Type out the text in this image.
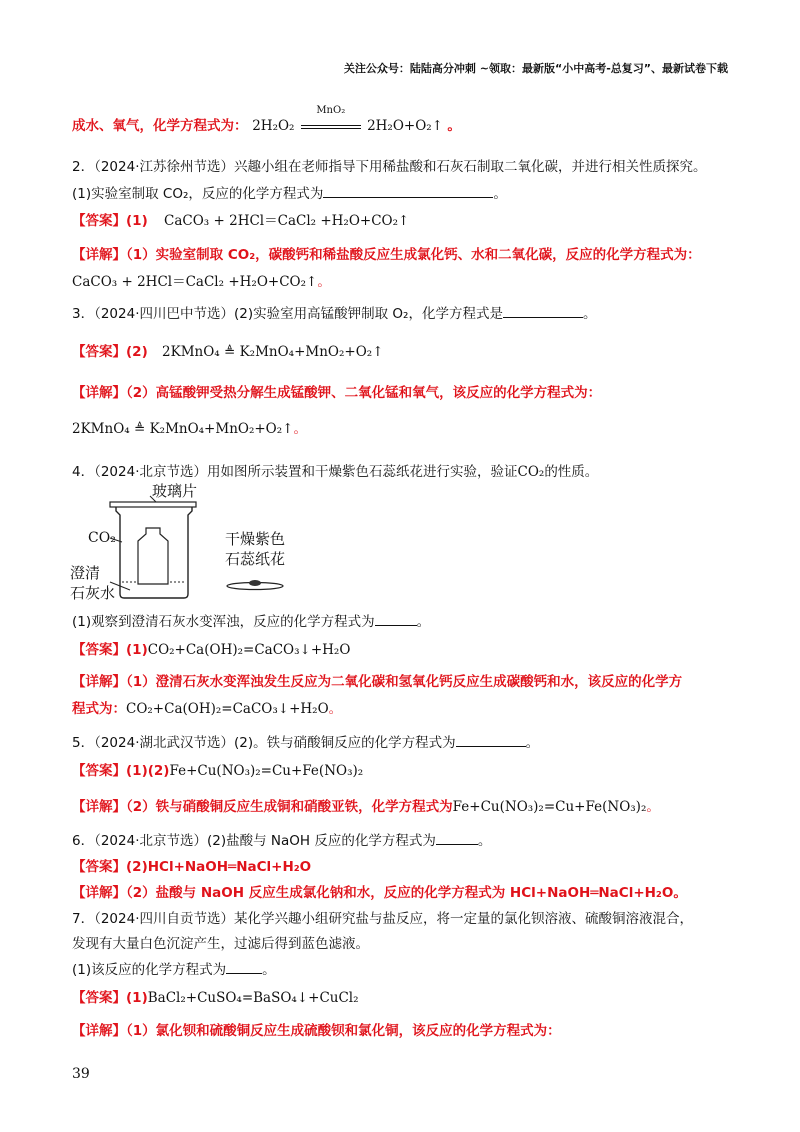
关注公众号：陆陆高分冲刺 ~领取：最新版“小中高考-总复习”、最新试卷下载
成水、氧气，化学方程式为： 2H₂O₂
MnO₂
2H₂O+O₂↑ 。
2．（2024·江苏徐州节选）兴趣小组在老师指导下用稀盐酸和石灰石制取二氧化碳，并进行相关性质探究。
(1)实验室制取 CO₂，反应的化学方程式为	。
【答案】(1) CaCO₃ + 2HCl＝CaCl₂ +H₂O+CO₂↑
【详解】（1）实验室制取 CO₂，碳酸钙和稀盐酸反应生成氯化钙、水和二氧化碳，反应的化学方程式为：
CaCO₃ + 2HCl＝CaCl₂ +H₂O+CO₂↑。
3．（2024·四川巴中节选）(2)实验室用高锰酸钾制取 O₂，化学方程式是	。
【答案】(2) 2KMnO₄ ≜ K₂MnO₄+MnO₂+O₂↑
【详解】（2）高锰酸钾受热分解生成锰酸钾、二氧化锰和氧气，该反应的化学方程式为：
2KMnO₄ ≜ K₂MnO₄+MnO₂+O₂↑。
4．（2024·北京节选）用如图所示装置和干燥紫色石蕊纸花进行实验，验证CO₂的性质。
玻璃片
CO₂
澄清
石灰水
干燥紫色
石蕊纸花
(1)观察到澄清石灰水变浑浊，反应的化学方程式为	。
【答案】(1)CO₂+Ca(OH)₂=CaCO₃↓+H₂O
【详解】（1）澄清石灰水变浑浊发生反应为二氧化碳和氢氧化钙反应生成碳酸钙和水，该反应的化学方
程式为：CO₂+Ca(OH)₂=CaCO₃↓+H₂O。
5．（2024·湖北武汉节选）(2)。铁与硝酸铜反应的化学方程式为	。
【答案】(1)(2)Fe+Cu(NO₃)₂=Cu+Fe(NO₃)₂
【详解】（2）铁与硝酸铜反应生成铜和硝酸亚铁，化学方程式为Fe+Cu(NO₃)₂=Cu+Fe(NO₃)₂。
6．（2024·北京节选）(2)盐酸与 NaOH 反应的化学方程式为	。
【答案】(2)HCl+NaOH═NaCl+H₂O
【详解】（2）盐酸与 NaOH 反应生成氯化钠和水，反应的化学方程式为 HCl+NaOH═NaCl+H₂O。
7．（2024·四川自贡节选）某化学兴趣小组研究盐与盐反应，将一定量的氯化钡溶液、硫酸铜溶液混合，
发现有大量白色沉淀产生，过滤后得到蓝色滤液。
(1)该反应的化学方程式为	。
【答案】(1)BaCl₂+CuSO₄=BaSO₄↓+CuCl₂
【详解】（1）氯化钡和硫酸铜反应生成硫酸钡和氯化铜，该反应的化学方程式为：
39
